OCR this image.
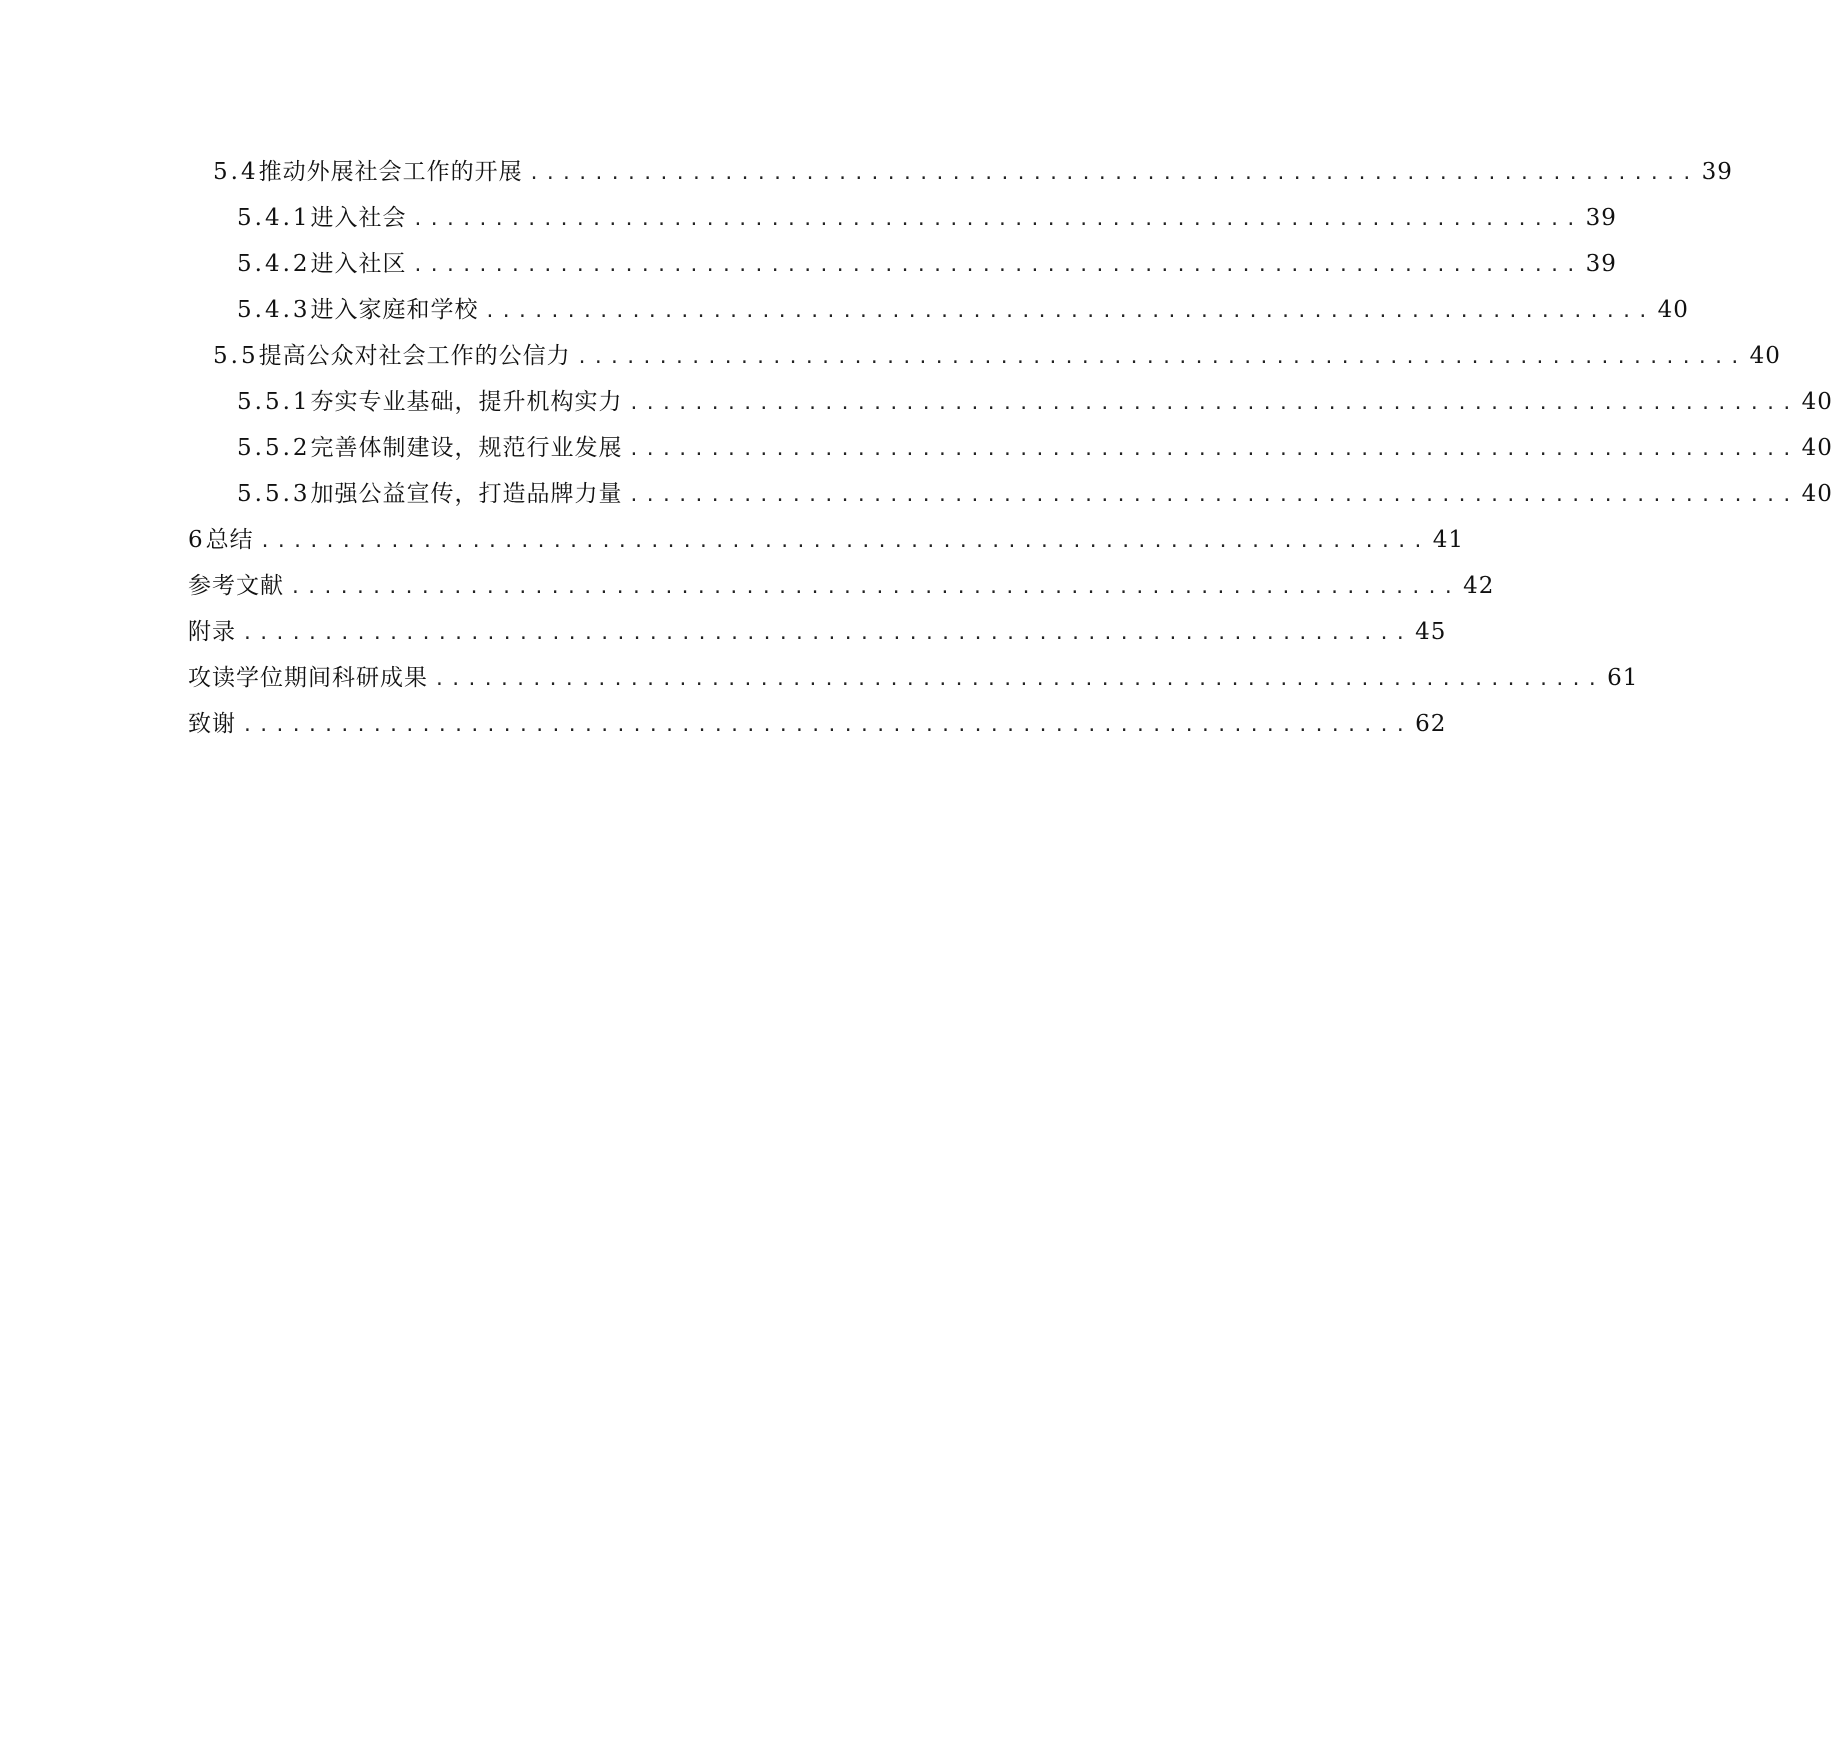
5.4 推动外展社会工作的开展 ........................................................................ 39
5.4.1 进入社会 ........................................................................ 39
5.4.2 进入社区 ........................................................................ 39
5.4.3 进入家庭和学校 ........................................................................ 40
5.5 提高公众对社会工作的公信力 ........................................................................ 40
5.5.1 夯实专业基础，提升机构实力 ........................................................................ 40
5.5.2 完善体制建设，规范行业发展 ........................................................................ 40
5.5.3 加强公益宣传，打造品牌力量 ........................................................................ 40
6 总 结 ........................................................................ 41
参考文献 ........................................................................ 42
附 录 ........................................................................ 45
攻读学位期间科研成果 ........................................................................ 61
致 谢 ........................................................................ 62
